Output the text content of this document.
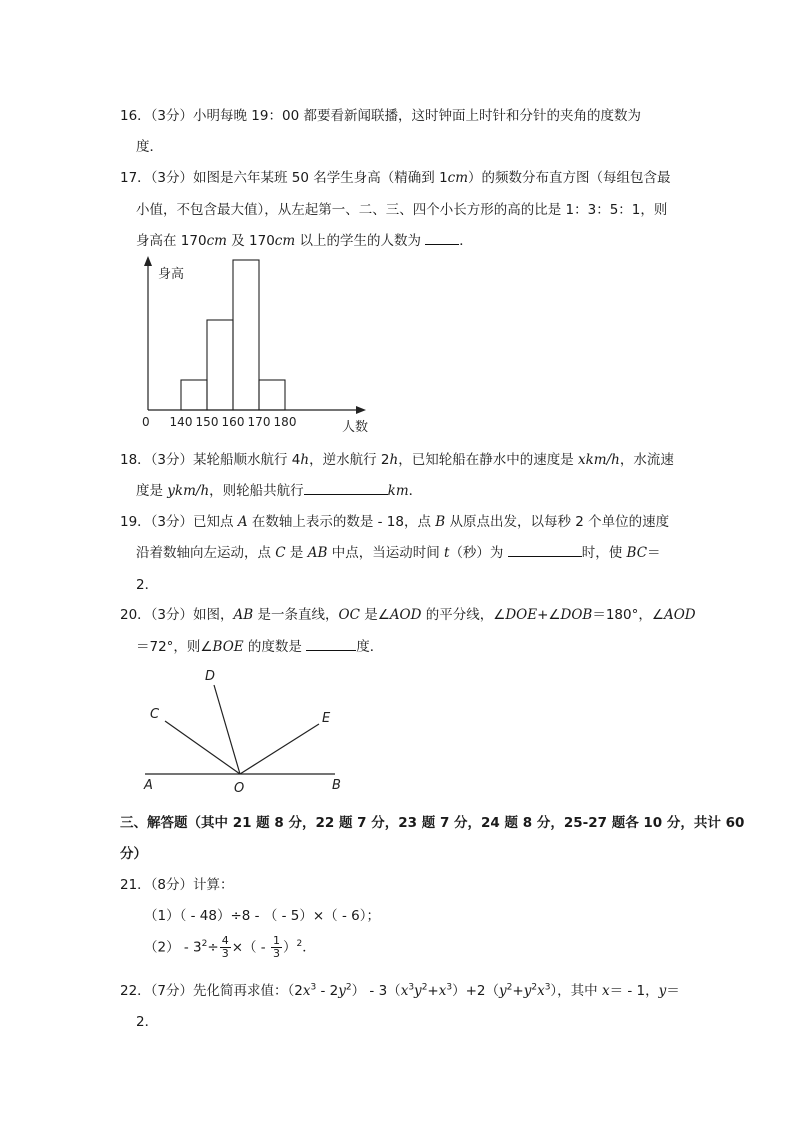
16．（3分）小明每晚 19：00 都要看新闻联播，这时钟面上时针和分针的夹角的度数为
度．
17．（3分）如图是六年某班 50 名学生身高（精确到 1cm）的频数分布直方图（每组包含最
小值，不包含最大值），从左起第一、二、三、四个小长方形的高的比是 1：3：5：1，则
身高在 170cm 及 170cm 以上的学生的人数为	．
身高
人数
0 140 150 160 170 180
18．（3分）某轮船顺水航行 4h，逆水航行 2h，已知轮船在静水中的速度是 xkm/h，水流速
度是 ykm/h，则轮船共航行	km．
19．（3分）已知点 A 在数轴上表示的数是 - 18，点 B 从原点出发，以每秒 2 个单位的速度
沿着数轴向左运动，点 C 是 AB 中点，当运动时间 t（秒）为	时，使 BC＝
2．
20．（3分）如图，AB 是一条直线，OC 是∠AOD 的平分线，∠DOE+∠DOB＝180°，∠AOD
＝72°，则∠BOE 的度数是	度．
A	B
C
D
E
O
三、解答题（其中 21 题 8 分，22 题 7 分，23 题 7 分，24 题 8 分，25-27 题各 10 分，共计 60
分）
21．（8分）计算：
（1）（ - 48）÷8 - （ - 5）×（ - 6）；
$(2) - 3^2\div \frac{4}{3}$ ×（ - $\frac{1}{3} )^2$．
22．（7分）先化简再求值：$(2x^3 - 2y^2) - 3(x^3y^2+x^3)+2(y^2+y^2x^3)$，其中 x＝ - 1，y＝
2．
